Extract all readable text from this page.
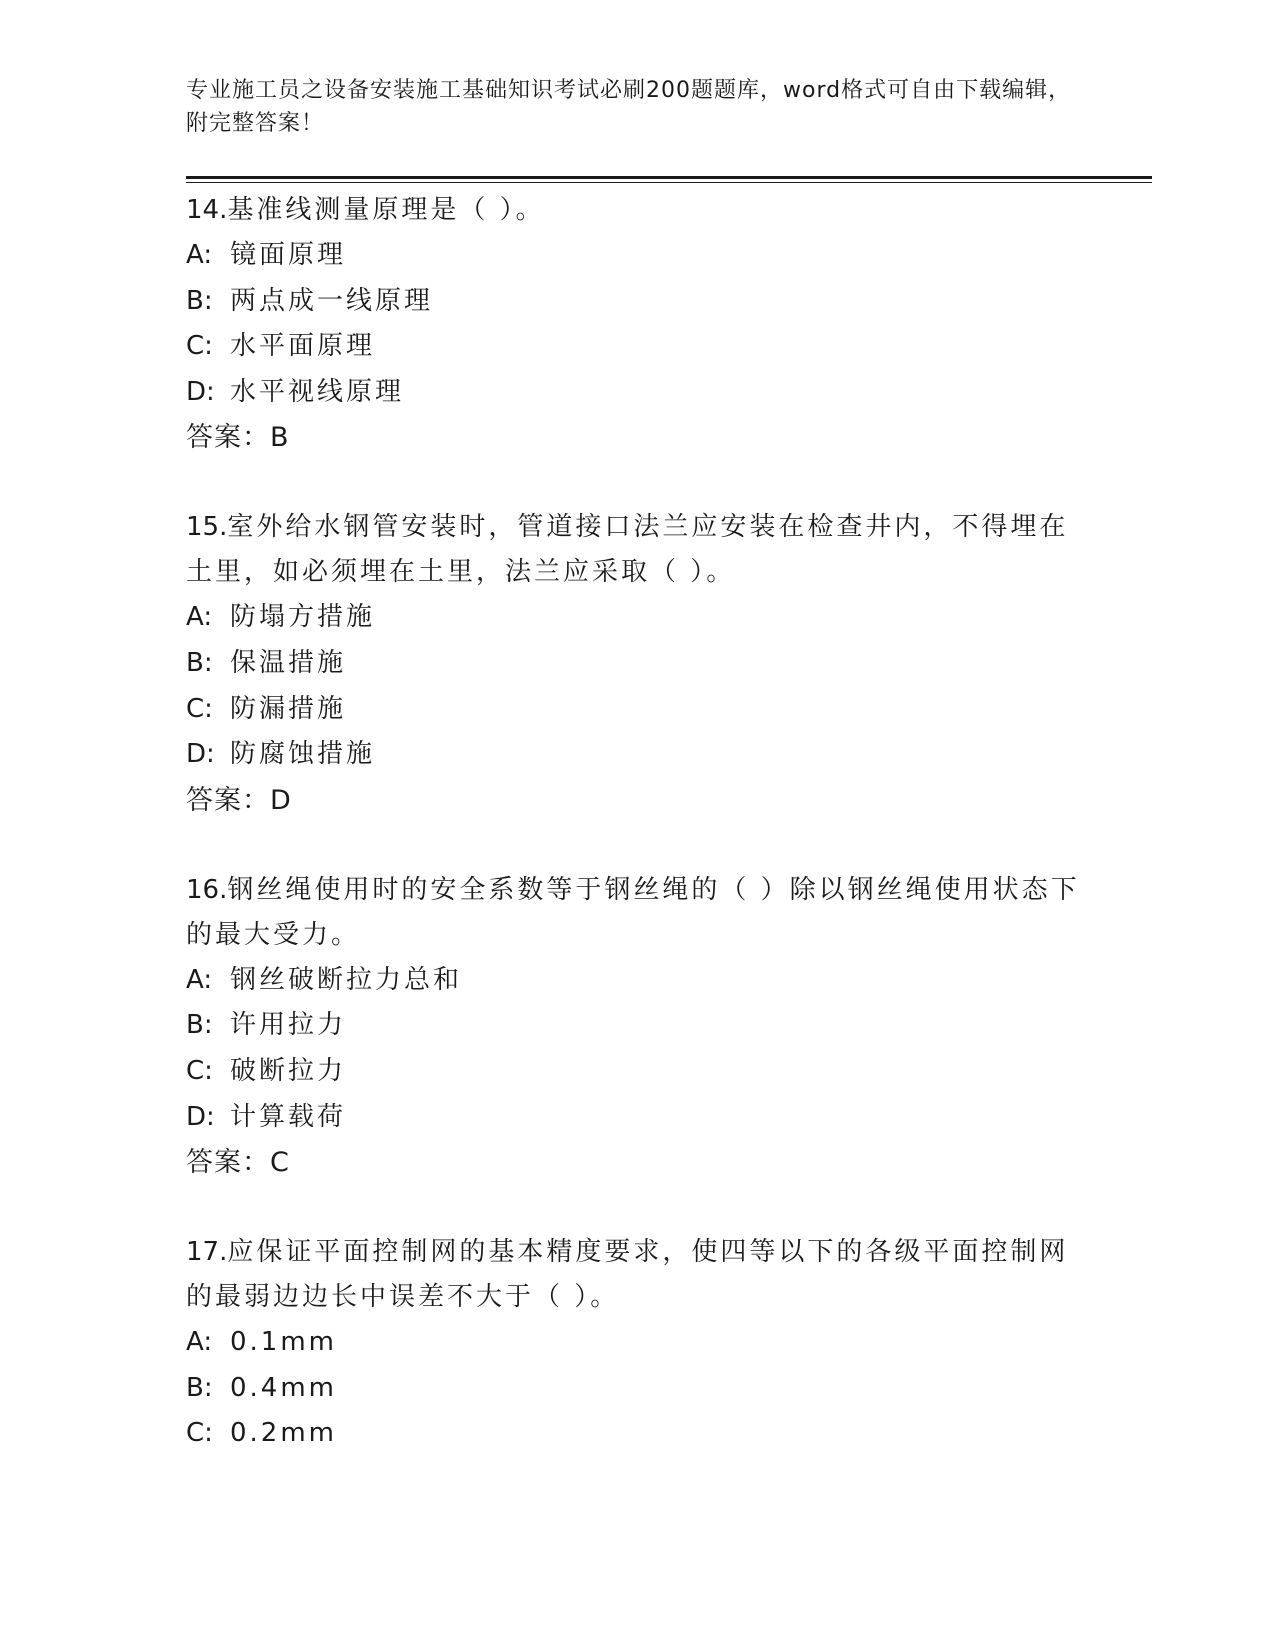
专业施工员之设备安装施工基础知识考试必刷200题题库，word格式可自由下载编辑，附完整答案！
14.基准线测量原理是（ ）。
A: 镜面原理
B: 两点成一线原理
C: 水平面原理
D: 水平视线原理
答案：B
15.室外给水钢管安装时，管道接口法兰应安装在检查井内，不得埋在土里，如必须埋在土里，法兰应采取（ ）。
A: 防塌方措施
B: 保温措施
C: 防漏措施
D: 防腐蚀措施
答案：D
16.钢丝绳使用时的安全系数等于钢丝绳的（ ）除以钢丝绳使用状态下的最大受力。
A: 钢丝破断拉力总和
B: 许用拉力
C: 破断拉力
D: 计算载荷
答案：C
17.应保证平面控制网的基本精度要求，使四等以下的各级平面控制网的最弱边边长中误差不大于（ ）。
A: 0.1mm
B: 0.4mm
C: 0.2mm
